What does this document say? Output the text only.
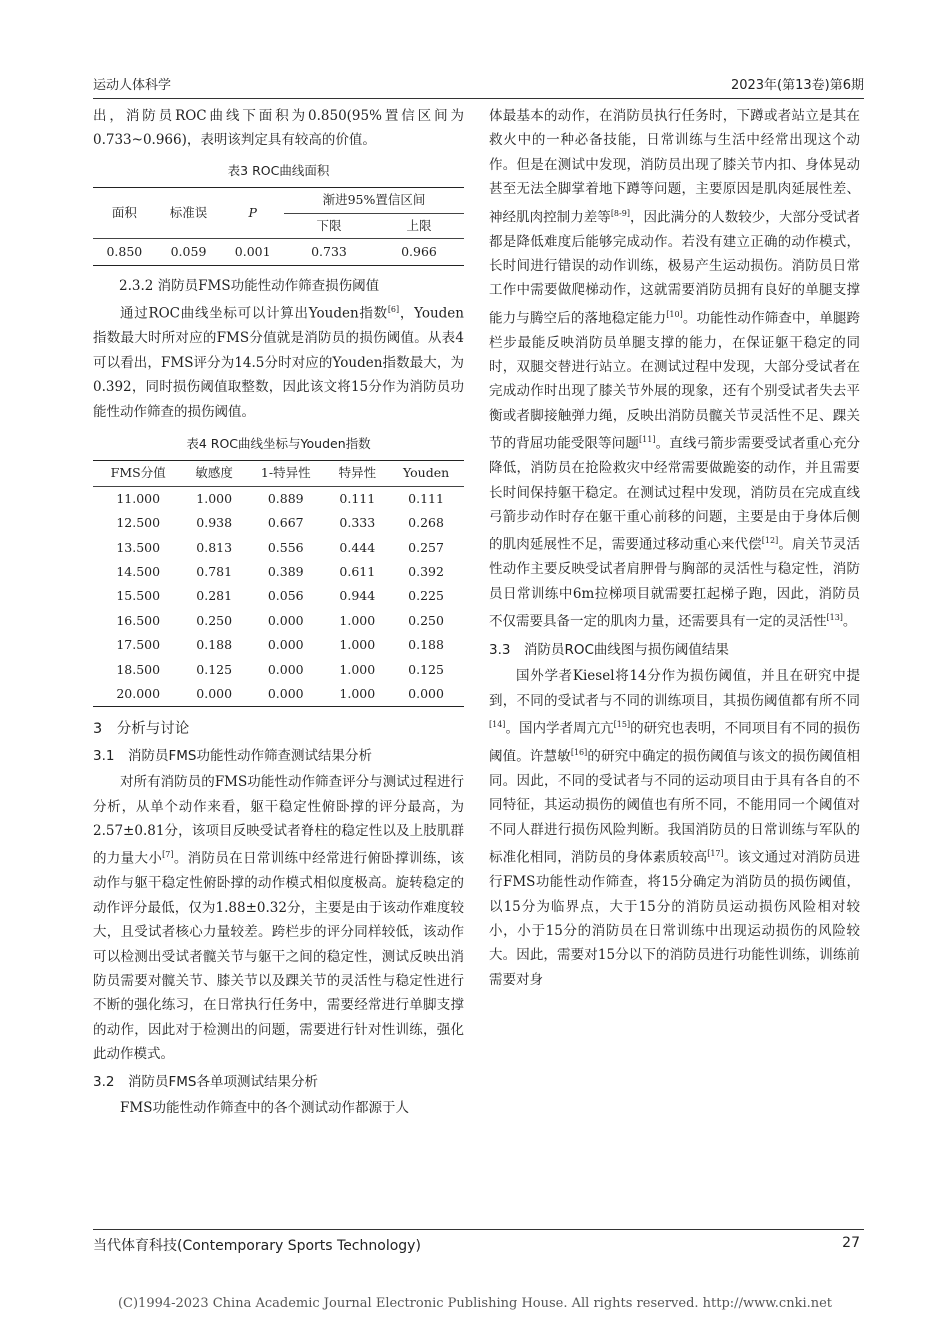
运动人体科学	2023年(第13卷)第6期

出，消防员ROC曲线下面积为0.850(95%置信区间为0.733~0.966)，表明该判定具有较高的价值。

表3 ROC曲线面积
面积	标准误	P	渐进95%置信区间	
			下限	上限
0.850	0.059	0.001	0.733	0.966
2.3.2 消防员FMS功能性动作筛查损伤阈值

通过ROC曲线坐标可以计算出Youden指数[6]，Youden指数最大时所对应的FMS分值就是消防员的损伤阈值。从表4可以看出，FMS评分为14.5分时对应的Youden指数最大，为0.392，同时损伤阈值取整数，因此该文将15分作为消防员功能性动作筛查的损伤阈值。

表4 ROC曲线坐标与Youden指数
FMS分值	敏感度	1-特异性	特异性	Youden
11.000	1.000	0.889	0.111	0.111
12.500	0.938	0.667	0.333	0.268
13.500	0.813	0.556	0.444	0.257
14.500	0.781	0.389	0.611	0.392
15.500	0.281	0.056	0.944	0.225
16.500	0.250	0.000	1.000	0.250
17.500	0.188	0.000	1.000	0.188
18.500	0.125	0.000	1.000	0.125
20.000	0.000	0.000	1.000	0.000
3　分析与讨论
3.1　消防员FMS功能性动作筛查测试结果分析

对所有消防员的FMS功能性动作筛查评分与测试过程进行分析，从单个动作来看，躯干稳定性俯卧撑的评分最高，为2.57±0.81分，该项目反映受试者脊柱的稳定性以及上肢肌群的力量大小[7]。消防员在日常训练中经常进行俯卧撑训练，该动作与躯干稳定性俯卧撑的动作模式相似度极高。旋转稳定的动作评分最低，仅为1.88±0.32分，主要是由于该动作难度较大，且受试者核心力量较差。跨栏步的评分同样较低，该动作可以检测出受试者髋关节与躯干之间的稳定性，测试反映出消防员需要对髋关节、膝关节以及踝关节的灵活性与稳定性进行不断的强化练习，在日常执行任务中，需要经常进行单脚支撑的动作，因此对于检测出的问题，需要进行针对性训练，强化此动作模式。

3.2　消防员FMS各单项测试结果分析

FMS功能性动作筛查中的各个测试动作都源于人

体最基本的动作，在消防员执行任务时，下蹲或者站立是其在救火中的一种必备技能，日常训练与生活中经常出现这个动作。但是在测试中发现，消防员出现了膝关节内扣、身体晃动甚至无法全脚掌着地下蹲等问题，主要原因是肌肉延展性差、神经肌肉控制力差等[8-9]，因此满分的人数较少，大部分受试者都是降低难度后能够完成动作。若没有建立正确的动作模式，长时间进行错误的动作训练，极易产生运动损伤。消防员日常工作中需要做爬梯动作，这就需要消防员拥有良好的单腿支撑能力与腾空后的落地稳定能力[10]。功能性动作筛查中，单腿跨栏步最能反映消防员单腿支撑的能力，在保证躯干稳定的同时，双腿交替进行站立。在测试过程中发现，大部分受试者在完成动作时出现了膝关节外展的现象，还有个别受试者失去平衡或者脚接触弹力绳，反映出消防员髋关节灵活性不足、踝关节的背屈功能受限等问题[11]。直线弓箭步需要受试者重心充分降低，消防员在抢险救灾中经常需要做跪姿的动作，并且需要长时间保持躯干稳定。在测试过程中发现，消防员在完成直线弓箭步动作时存在躯干重心前移的问题，主要是由于身体后侧的肌肉延展性不足，需要通过移动重心来代偿[12]。肩关节灵活性动作主要反映受试者肩胛骨与胸部的灵活性与稳定性，消防员日常训练中6m拉梯项目就需要扛起梯子跑，因此，消防员不仅需要具备一定的肌肉力量，还需要具有一定的灵活性[13]。

3.3　消防员ROC曲线图与损伤阈值结果

国外学者Kiesel将14分作为损伤阈值，并且在研究中提到，不同的受试者与不同的训练项目，其损伤阈值都有所不同[14]。国内学者周亢亢[15]的研究也表明，不同项目有不同的损伤阈值。许慧敏[16]的研究中确定的损伤阈值与该文的损伤阈值相同。因此，不同的受试者与不同的运动项目由于具有各自的不同特征，其运动损伤的阈值也有所不同，不能用同一个阈值对不同人群进行损伤风险判断。我国消防员的日常训练与军队的标准化相同，消防员的身体素质较高[17]。该文通过对消防员进行FMS功能性动作筛查，将15分确定为消防员的损伤阈值，以15分为临界点，大于15分的消防员运动损伤风险相对较小，小于15分的消防员在日常训练中出现运动损伤的风险较大。因此，需要对15分以下的消防员进行功能性训练，训练前需要对身

当代体育科技(Contemporary Sports Technology)	27
(C)1994-2023 China Academic Journal Electronic Publishing House. All rights reserved. http://www.cnki.net
